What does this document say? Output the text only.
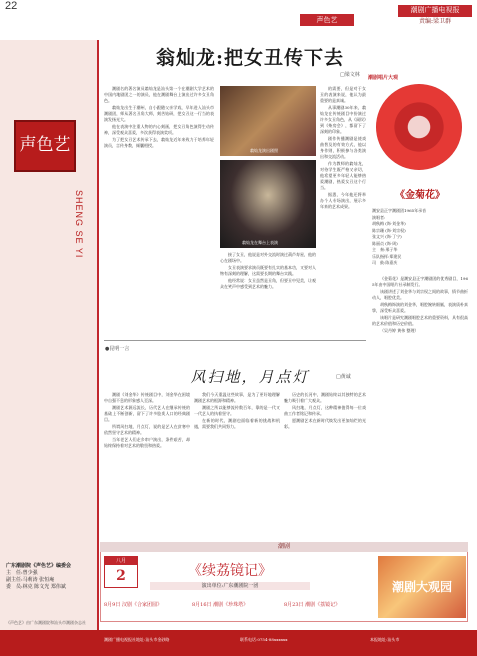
22
声色艺
潮剧广播电视报
责编:梁卫群
声色艺
SHENG SE YI
广东潮剧院《声色艺》编委会
主　任:曾少强
副主任:马莉涛 张恒庵
委　员:林克 陈文光 郑伟斌
《声色艺》由广东潮剧院和汕头市潮剧杂志社
翁灿龙:把女丑传下去
□梁文林

潮剧名的著名演员翁灿龙是汕头第一个在潮剧大学艺术的中国内地剧团之一的演员，他在潮剧舞台上演出过许多女丑角色。

翁灿龙出生于潮州，自小跟随父亲学戏，早年进入汕头市潮剧团，师从著名丑角大师，刻苦钻研，把女丑这一行当的表演发扬光大。

他在表演中注重人物的内心刻画，把女丑角色演得生动传神，深受观众喜爱，多次获得表演奖项。

为了把女丑艺术传承下去，翁灿龙近年来致力于培养年轻演员，言传身教，倾囊相授。

翁灿龙演出剧照
翁灿龙在舞台上表演

接了女丑，他说是对外交流时演过葫芦寿星，他的心在剧场中。

女丑表演要求演员既要有扎实的基本功，又要对人物有深刻的理解，这需要长期的舞台实践。

他经常说：女丑虽然是丑角，但要丑中见美，让观众在笑声中感受到艺术的魅力。

的需要，但是对于女丑的表演来说，他认为最重要的是真诚。

从事潮剧30年来，翁灿龙在传统剧目中扮演过许多女丑角色，从《闹钗》到《柴房会》，都留下了深刻的印象。

剧作传播潮剧是使戏曲普及的有效方式，他以身作则，积极参与各类演出和交流活动。

作为教师的翁灿龙，对待学生既严格又亲切，他希望更多年轻人能够热爱潮剧，热爱女丑这个行当。

据悉，今年他还将举办个人专场演出，展示多年来的艺术成果。

潮剧唱片大观
《金菊花》
潮安县正字潮剧团1965年录音
演唱者:
胡秋梅 (饰·刘金华)
陈宗珊 (饰·刘宗权)
张文兴 (饰·丁宁)
陈丽贞 (饰·周)
主　奏:邢子华
乐队指挥:郑建民
司　鼓:陈嘉庆

《金菊花》是潮安县正字潮剧团的优秀剧目，1965年由中国唱片社录制发行。

该剧讲述了刘金华与刘宗权之间的故事，情节曲折动人，唱腔优美。

胡秋梅饰演的刘金华，唱腔婉转细腻，表演质朴真挚，深受听众喜爱。

该唱片是研究潮剧唱腔艺术的重要资料，具有很高的艺术价值和历史价值。

（吴丹婷 黄伟 整理）

●昆明一言
风扫地，月点灯	□黄诚

潮剧《刘金华》传统剧目中，刘金华在困境中自强不息的形象感人至深。

潮剧艺术源远流长，历代艺人在继承传统的基础上不断创新，留下了许多脍炙人口的经典剧目。

所谓风扫地，月点灯，说的是艺人在贫寒中依然坚守艺术的精神。

当年老艺人们走乡串户演出，条件艰苦，却始终保持着对艺术的敬畏和热爱。

我们今天重温这些故事，是为了更好地理解潮剧艺术的根源和精神。

潮剧之所以能够流传数百年，靠的是一代又一代艺人的执着坚守。

在新的时代，潮剧也面临着新的挑战和机遇，需要我们共同努力。

历史的长河中，潮剧始终以其独特的艺术魅力吸引着广大观众。

风扫地，月点灯，这种精神值得每一位戏曲工作者铭记和传承。

愿潮剧艺术在新时代焕发出更加灿烂的光彩。

潮剧
八月
2	《续荔镜记》
演出单位:广东潮剧院一团
8月9日 汉剧《合家团圆》	8月16日 潮剧《珍珠塔》	8月23日 潮剧《荔镜记》
潮剧大观园
潮剧广播电视报社地址:汕头市金砂路	联系电话:0754-88xxxxxx	本报地址:汕头市
